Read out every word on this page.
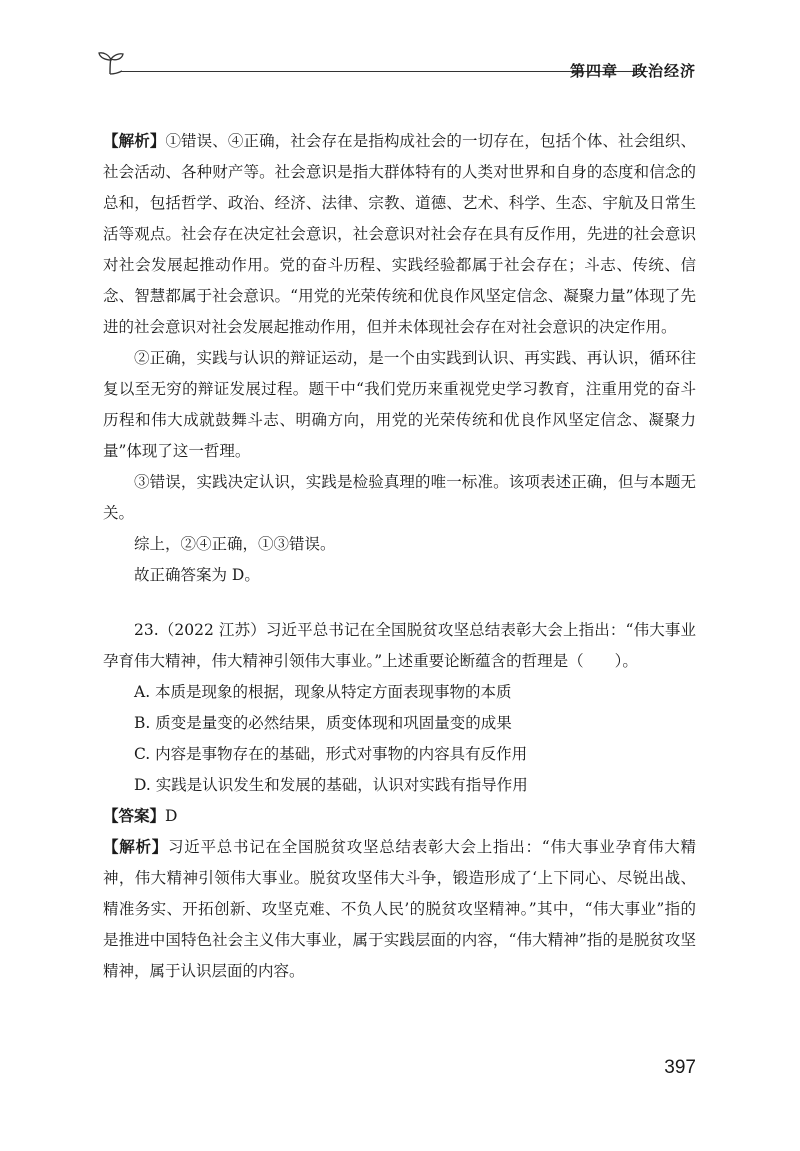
第四章 政治经济

【解析】①错误、④正确，社会存在是指构成社会的一切存在，包括个体、社会组织、社会活动、各种财产等。社会意识是指大群体特有的人类对世界和自身的态度和信念的总和，包括哲学、政治、经济、法律、宗教、道德、艺术、科学、生态、宇航及日常生活等观点。社会存在决定社会意识，社会意识对社会存在具有反作用，先进的社会意识对社会发展起推动作用。党的奋斗历程、实践经验都属于社会存在；斗志、传统、信念、智慧都属于社会意识。“用党的光荣传统和优良作风坚定信念、凝聚力量”体现了先进的社会意识对社会发展起推动作用，但并未体现社会存在对社会意识的决定作用。

②正确，实践与认识的辩证运动，是一个由实践到认识、再实践、再认识，循环往复以至无穷的辩证发展过程。题干中“我们党历来重视党史学习教育，注重用党的奋斗历程和伟大成就鼓舞斗志、明确方向，用党的光荣传统和优良作风坚定信念、凝聚力量”体现了这一哲理。

③错误，实践决定认识，实践是检验真理的唯一标准。该项表述正确，但与本题无关。

综上，②④正确，①③错误。

故正确答案为 D。

23.（2022 江苏）习近平总书记在全国脱贫攻坚总结表彰大会上指出：“伟大事业孕育伟大精神，伟大精神引领伟大事业。”上述重要论断蕴含的哲理是（　　）。

A. 本质是现象的根据，现象从特定方面表现事物的本质

B. 质变是量变的必然结果，质变体现和巩固量变的成果

C. 内容是事物存在的基础，形式对事物的内容具有反作用

D. 实践是认识发生和发展的基础，认识对实践有指导作用

【答案】D

【解析】习近平总书记在全国脱贫攻坚总结表彰大会上指出：“伟大事业孕育伟大精神，伟大精神引领伟大事业。脱贫攻坚伟大斗争，锻造形成了‘上下同心、尽锐出战、精准务实、开拓创新、攻坚克难、不负人民’的脱贫攻坚精神。”其中，“伟大事业”指的是推进中国特色社会主义伟大事业，属于实践层面的内容，“伟大精神”指的是脱贫攻坚精神，属于认识层面的内容。

397
